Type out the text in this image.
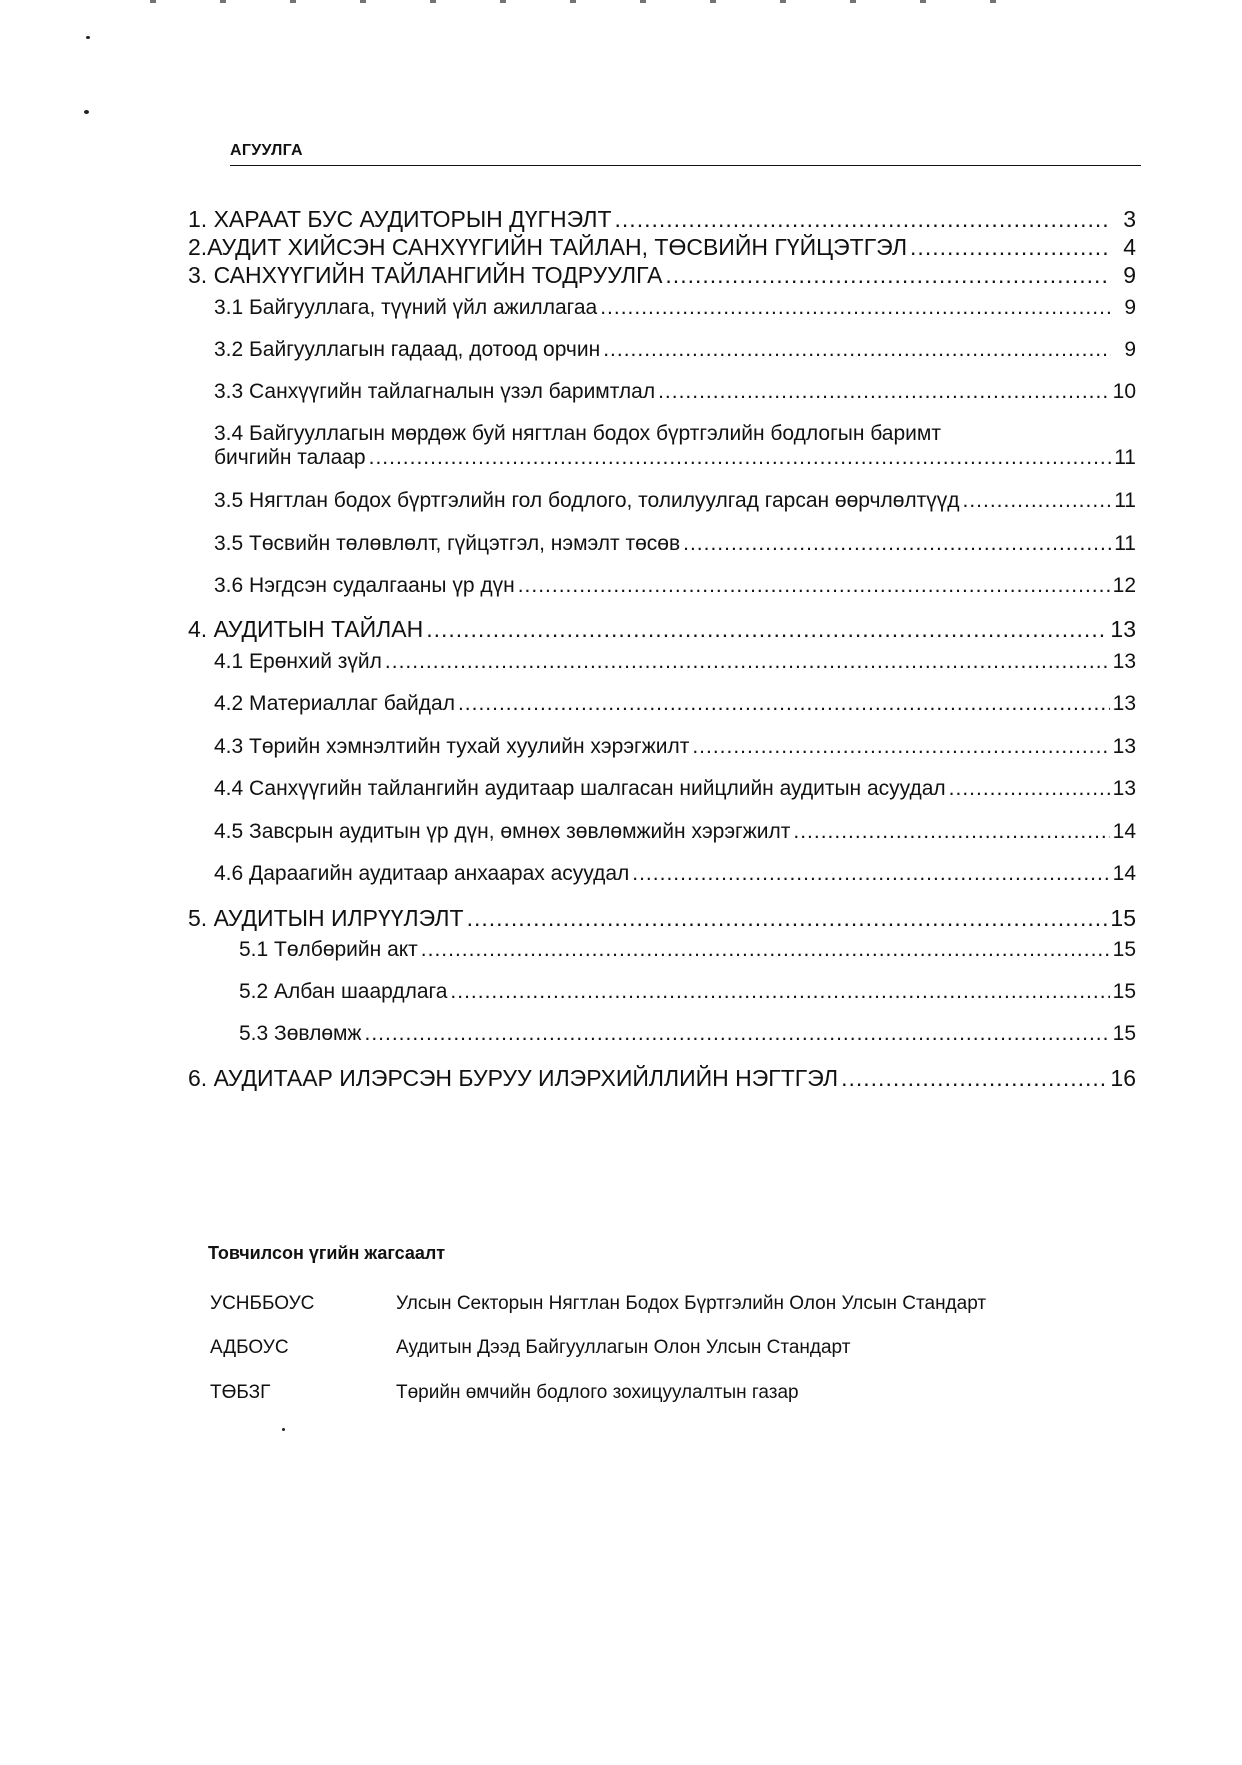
АГУУЛГА
1. ХАРААТ БУС АУДИТОРЫН ДҮГНЭЛТ .....	3
2.АУДИТ ХИЙСЭН САНХҮҮГИЙН ТАЙЛАН, ТӨСВИЙН ГҮЙЦЭТГЭЛ .....	4
3. САНХҮҮГИЙН ТАЙЛАНГИЙН ТОДРУУЛГА .....	9
3.1 Байгууллага, түүний үйл ажиллагаа .....	9
3.2 Байгууллагын гадаад, дотоод орчин .....	9
3.3 Санхүүгийн тайлагналын үзэл баримтлал .....	10
3.4 Байгууллагын мөрдөж буй нягтлан бодох бүртгэлийн бодлогын баримт
бичгийн талаар .....	11
3.5 Нягтлан бодох бүртгэлийн гол бодлого, толилуулгад гарсан өөрчлөлтүүд .....	11
3.5 Төсвийн төлөвлөлт, гүйцэтгэл, нэмэлт төсөв .....	11
3.6 Нэгдсэн судалгааны үр дүн .....	12
4. АУДИТЫН ТАЙЛАН .....	13
4.1 Ерөнхий зүйл .....	13
4.2 Материаллаг байдал .....	13
4.3 Төрийн хэмнэлтийн тухай хуулийн хэрэгжилт .....	13
4.4 Санхүүгийн тайлангийн аудитаар шалгасан нийцлийн аудитын асуудал .....	13
4.5 Завсрын аудитын үр дүн, өмнөх зөвлөмжийн хэрэгжилт .....	14
4.6 Дараагийн аудитаар анхаарах асуудал .....	14
5. АУДИТЫН ИЛРҮҮЛЭЛТ .....	15
5.1 Төлбөрийн акт .....	15
5.2 Албан шаардлага .....	15
5.3 Зөвлөмж .....	15
6. АУДИТААР ИЛЭРСЭН БУРУУ ИЛЭРХИЙЛЛИЙН НЭГТГЭЛ .....	16
Товчилсон үгийн жагсаалт
УСНББОУС	Улсын Секторын Нягтлан Бодох Бүртгэлийн Олон Улсын Стандарт
АДБОУС	Аудитын Дээд Байгууллагын Олон Улсын Стандарт
ТӨБЗГ	Төрийн өмчийн бодлого зохицуулалтын газар
